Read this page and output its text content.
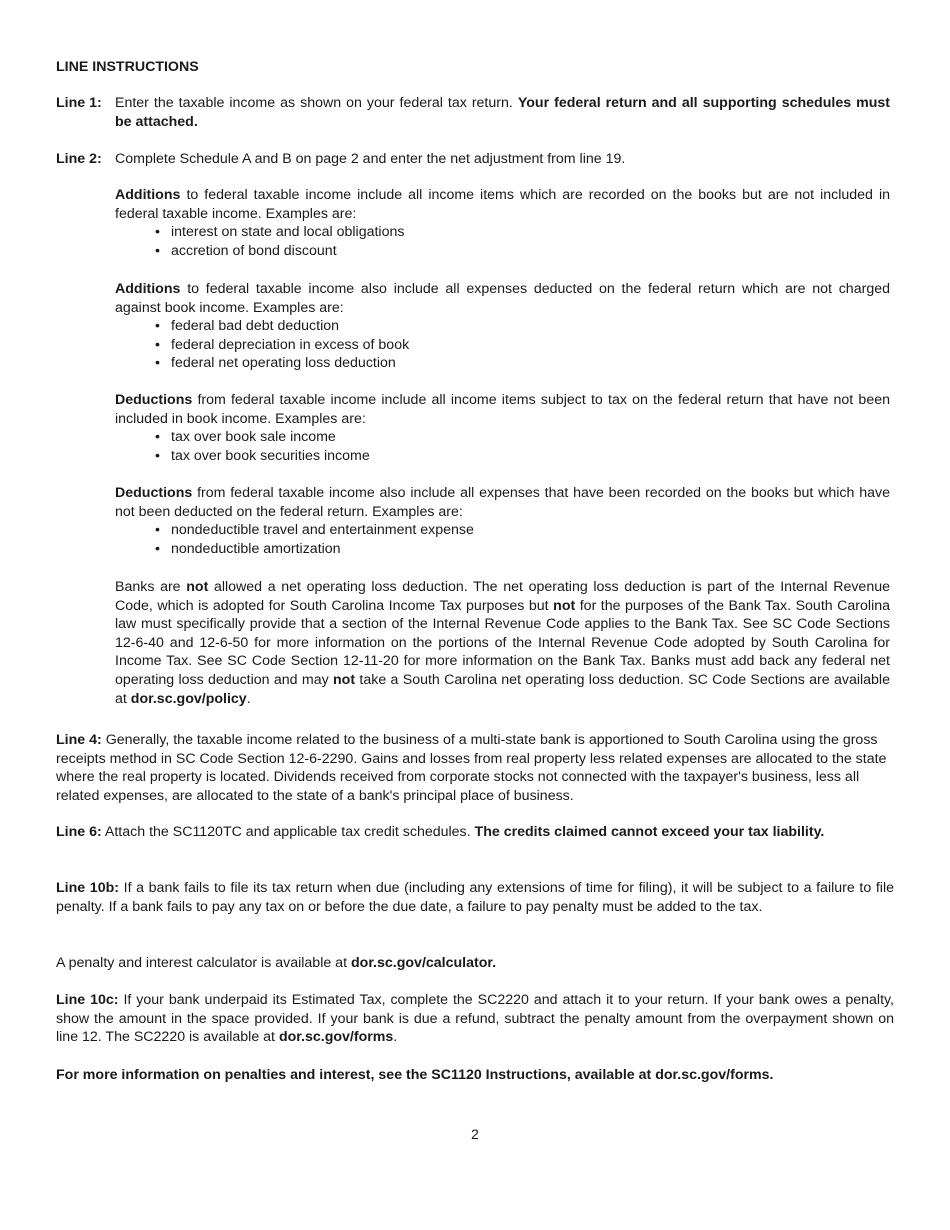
LINE INSTRUCTIONS
Line 1: Enter the taxable income as shown on your federal tax return. Your federal return and all supporting schedules must be attached.
Line 2: Complete Schedule A and B on page 2 and enter the net adjustment from line 19.

Additions to federal taxable income include all income items which are recorded on the books but are not included in federal taxable income. Examples are:

• interest on state and local obligations
• accretion of bond discount

Additions to federal taxable income also include all expenses deducted on the federal return which are not charged against book income. Examples are:

• federal bad debt deduction
• federal depreciation in excess of book
• federal net operating loss deduction

Deductions from federal taxable income include all income items subject to tax on the federal return that have not been included in book income. Examples are:

• tax over book sale income
• tax over book securities income

Deductions from federal taxable income also include all expenses that have been recorded on the books but which have not been deducted on the federal return. Examples are:

• nondeductible travel and entertainment expense
• nondeductible amortization
Banks are not allowed a net operating loss deduction. The net operating loss deduction is part of the Internal Revenue Code, which is adopted for South Carolina Income Tax purposes but not for the purposes of the Bank Tax. South Carolina law must specifically provide that a section of the Internal Revenue Code applies to the Bank Tax. See SC Code Sections 12-6-40 and 12-6-50 for more information on the portions of the Internal Revenue Code adopted by South Carolina for Income Tax. See SC Code Section 12-11-20 for more information on the Bank Tax. Banks must add back any federal net operating loss deduction and may not take a South Carolina net operating loss deduction. SC Code Sections are available at dor.sc.gov/policy.
Line 4: Generally, the taxable income related to the business of a multi-state bank is apportioned to South Carolina using the gross receipts method in SC Code Section 12-6-2290. Gains and losses from real property less related expenses are allocated to the state where the real property is located. Dividends received from corporate stocks not connected with the taxpayer's business, less all related expenses, are allocated to the state of a bank's principal place of business.
Line 6: Attach the SC1120TC and applicable tax credit schedules. The credits claimed cannot exceed your tax liability.
Line 10b: If a bank fails to file its tax return when due (including any extensions of time for filing), it will be subject to a failure to file penalty. If a bank fails to pay any tax on or before the due date, a failure to pay penalty must be added to the tax.
A penalty and interest calculator is available at dor.sc.gov/calculator.
Line 10c: If your bank underpaid its Estimated Tax, complete the SC2220 and attach it to your return. If your bank owes a penalty, show the amount in the space provided. If your bank is due a refund, subtract the penalty amount from the overpayment shown on line 12. The SC2220 is available at dor.sc.gov/forms.
For more information on penalties and interest, see the SC1120 Instructions, available at dor.sc.gov/forms.
2
